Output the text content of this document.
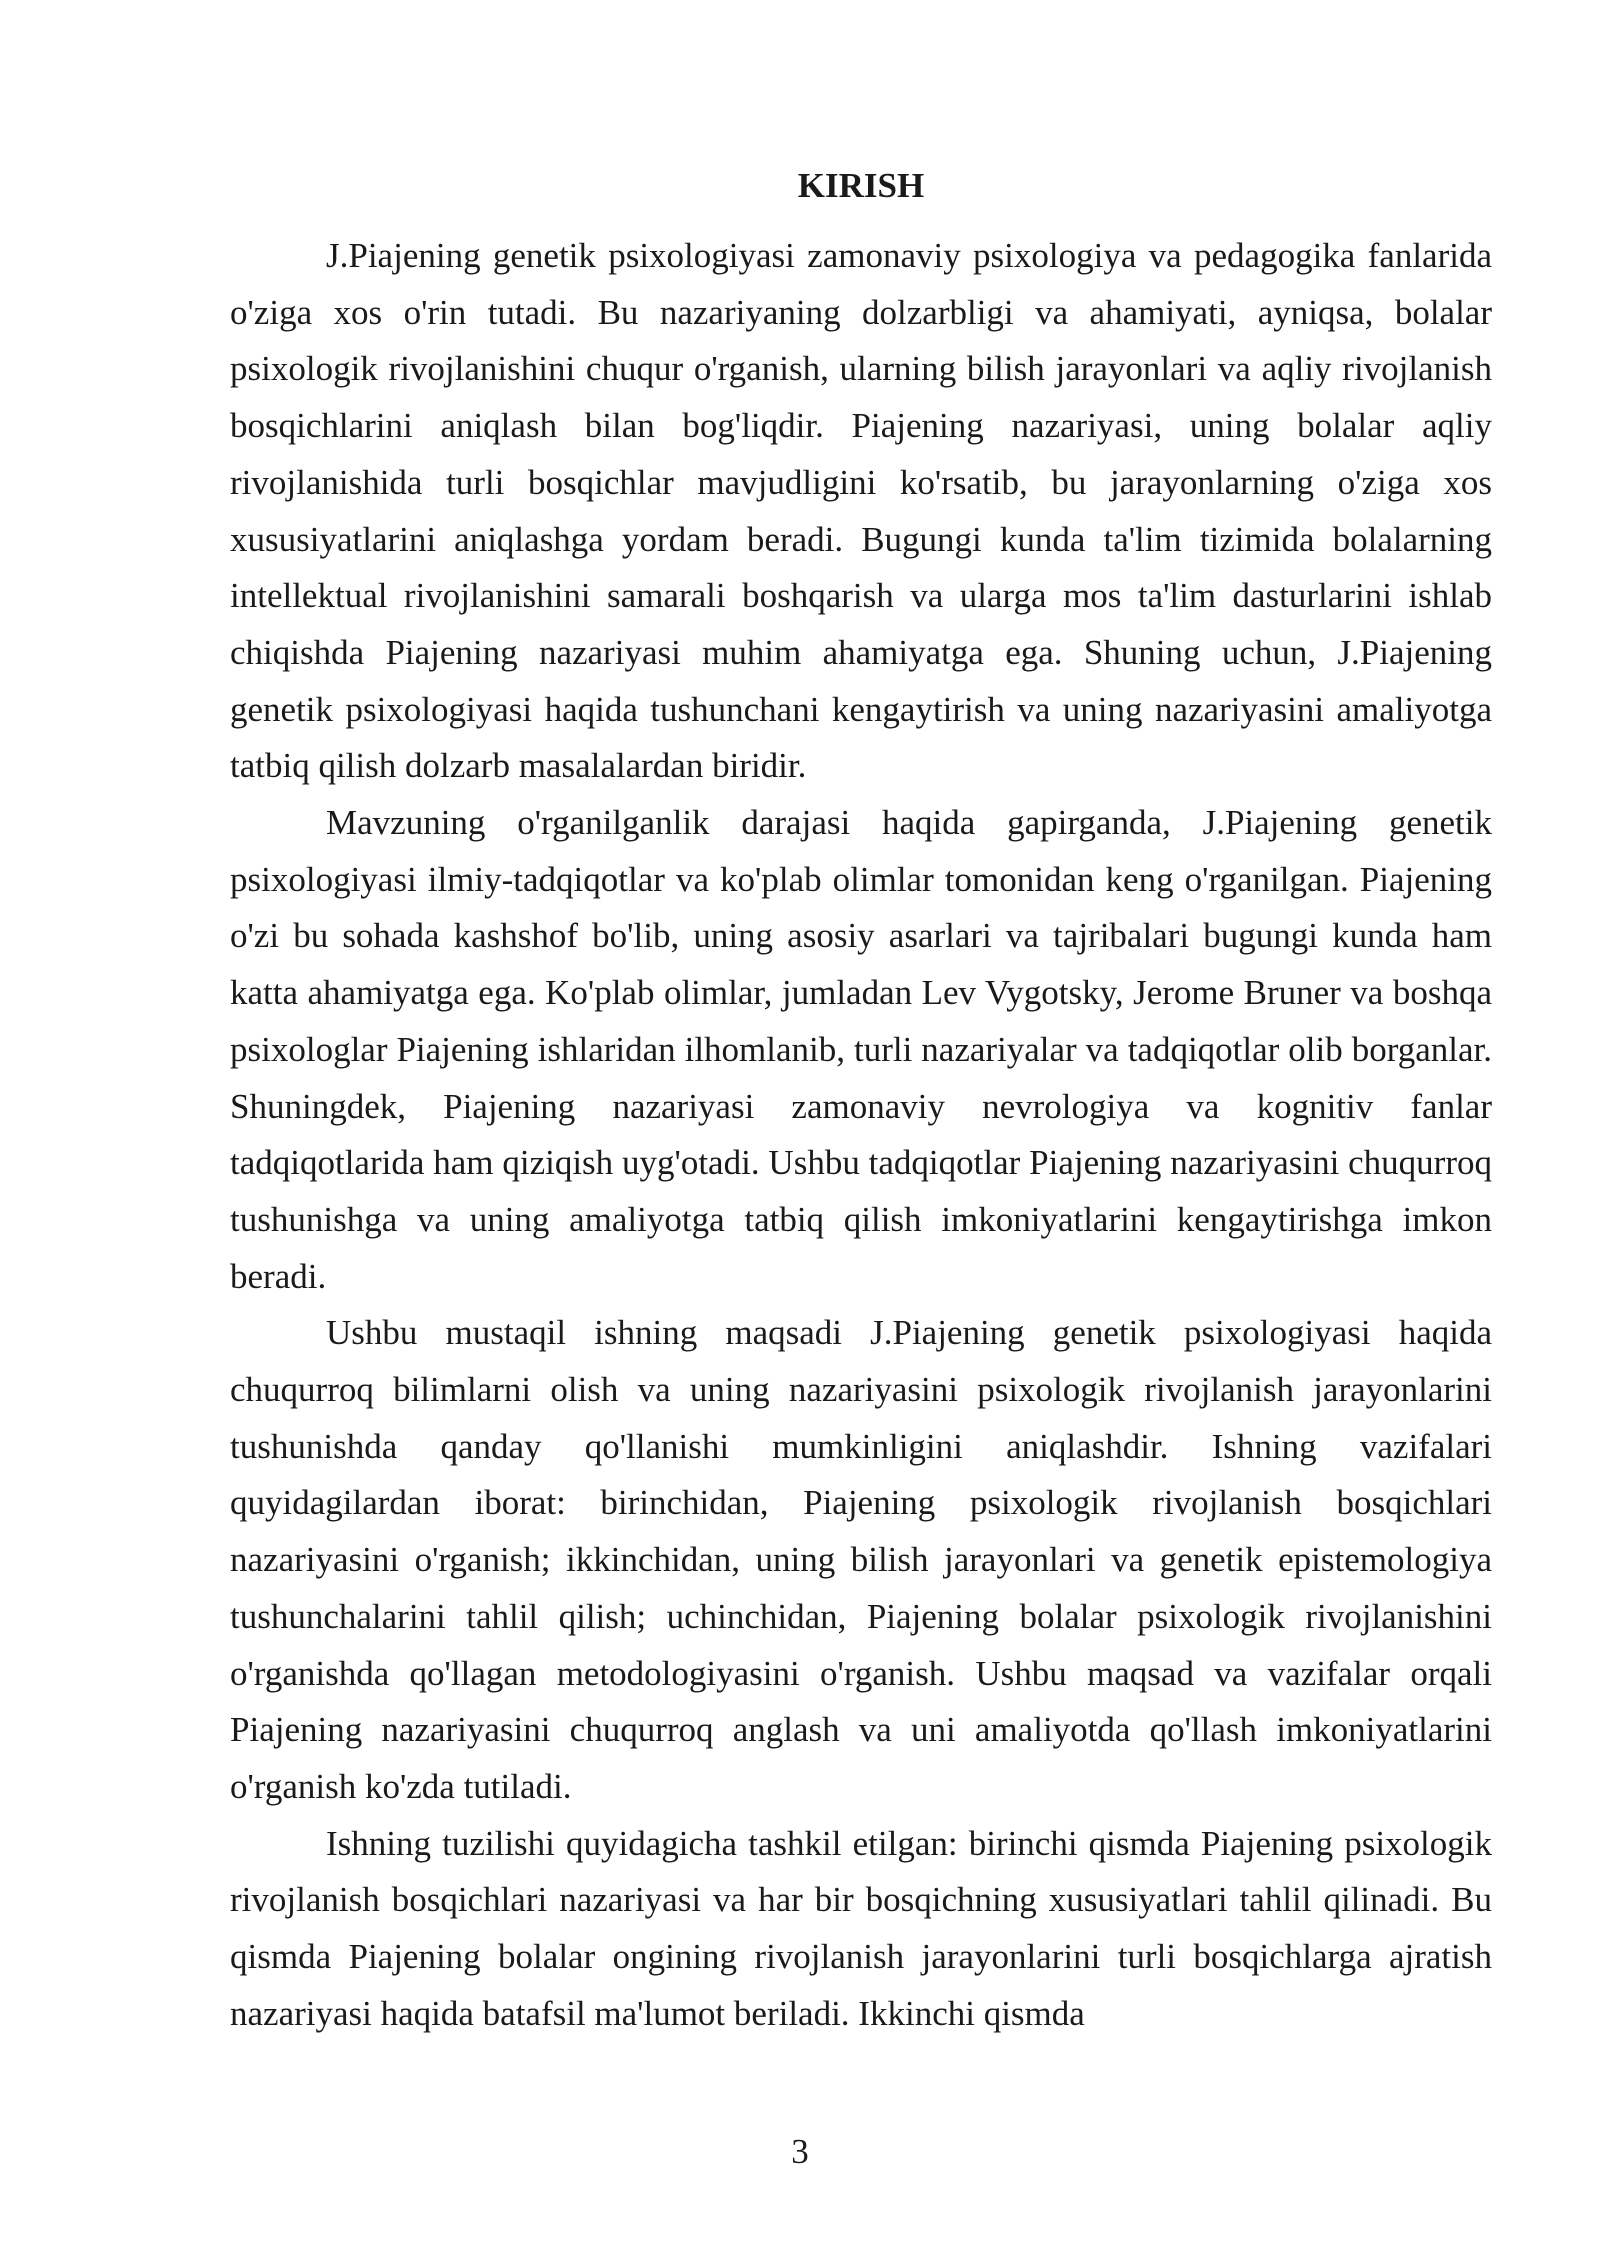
KIRISH

J.Piajening genetik psixologiyasi zamonaviy psixologiya va pedagogika fanlarida o'ziga xos o'rin tutadi. Bu nazariyaning dolzarbligi va ahamiyati, ayniqsa, bolalar psixologik rivojlanishini chuqur o'rganish, ularning bilish jarayonlari va aqliy rivojlanish bosqichlarini aniqlash bilan bog'liqdir. Piajening nazariyasi, uning bolalar aqliy rivojlanishida turli bosqichlar mavjudligini ko'rsatib, bu jarayonlarning o'ziga xos xususiyatlarini aniqlashga yordam beradi. Bugungi kunda ta'lim tizimida bolalarning intellektual rivojlanishini samarali boshqarish va ularga mos ta'lim dasturlarini ishlab chiqishda Piajening nazariyasi muhim ahamiyatga ega. Shuning uchun, J.Piajening genetik psixologiyasi haqida tushunchani kengaytirish va uning nazariyasini amaliyotga tatbiq qilish dolzarb masalalardan biridir.

Mavzuning o'rganilganlik darajasi haqida gapirganda, J.Piajening genetik psixologiyasi ilmiy-tadqiqotlar va ko'plab olimlar tomonidan keng o'rganilgan. Piajening o'zi bu sohada kashshof bo'lib, uning asosiy asarlari va tajribalari bugungi kunda ham katta ahamiyatga ega. Ko'plab olimlar, jumladan Lev Vygotsky, Jerome Bruner va boshqa psixologlar Piajening ishlaridan ilhomlanib, turli nazariyalar va tadqiqotlar olib borganlar. Shuningdek, Piajening nazariyasi zamonaviy nevrologiya va kognitiv fanlar tadqiqotlarida ham qiziqish uyg'otadi. Ushbu tadqiqotlar Piajening nazariyasini chuqurroq tushunishga va uning amaliyotga tatbiq qilish imkoniyatlarini kengaytirishga imkon beradi.

Ushbu mustaqil ishning maqsadi J.Piajening genetik psixologiyasi haqida chuqurroq bilimlarni olish va uning nazariyasini psixologik rivojlanish jarayonlarini tushunishda qanday qo'llanishi mumkinligini aniqlashdir. Ishning vazifalari quyidagilardan iborat: birinchidan, Piajening psixologik rivojlanish bosqichlari nazariyasini o'rganish; ikkinchidan, uning bilish jarayonlari va genetik epistemologiya tushunchalarini tahlil qilish; uchinchidan, Piajening bolalar psixologik rivojlanishini o'rganishda qo'llagan metodologiyasini o'rganish. Ushbu maqsad va vazifalar orqali Piajening nazariyasini chuqurroq anglash va uni amaliyotda qo'llash imkoniyatlarini o'rganish ko'zda tutiladi.

Ishning tuzilishi quyidagicha tashkil etilgan: birinchi qismda Piajening psixologik rivojlanish bosqichlari nazariyasi va har bir bosqichning xususiyatlari tahlil qilinadi. Bu qismda Piajening bolalar ongining rivojlanish jarayonlarini turli bosqichlarga ajratish nazariyasi haqida batafsil ma'lumot beriladi. Ikkinchi qismda

3
